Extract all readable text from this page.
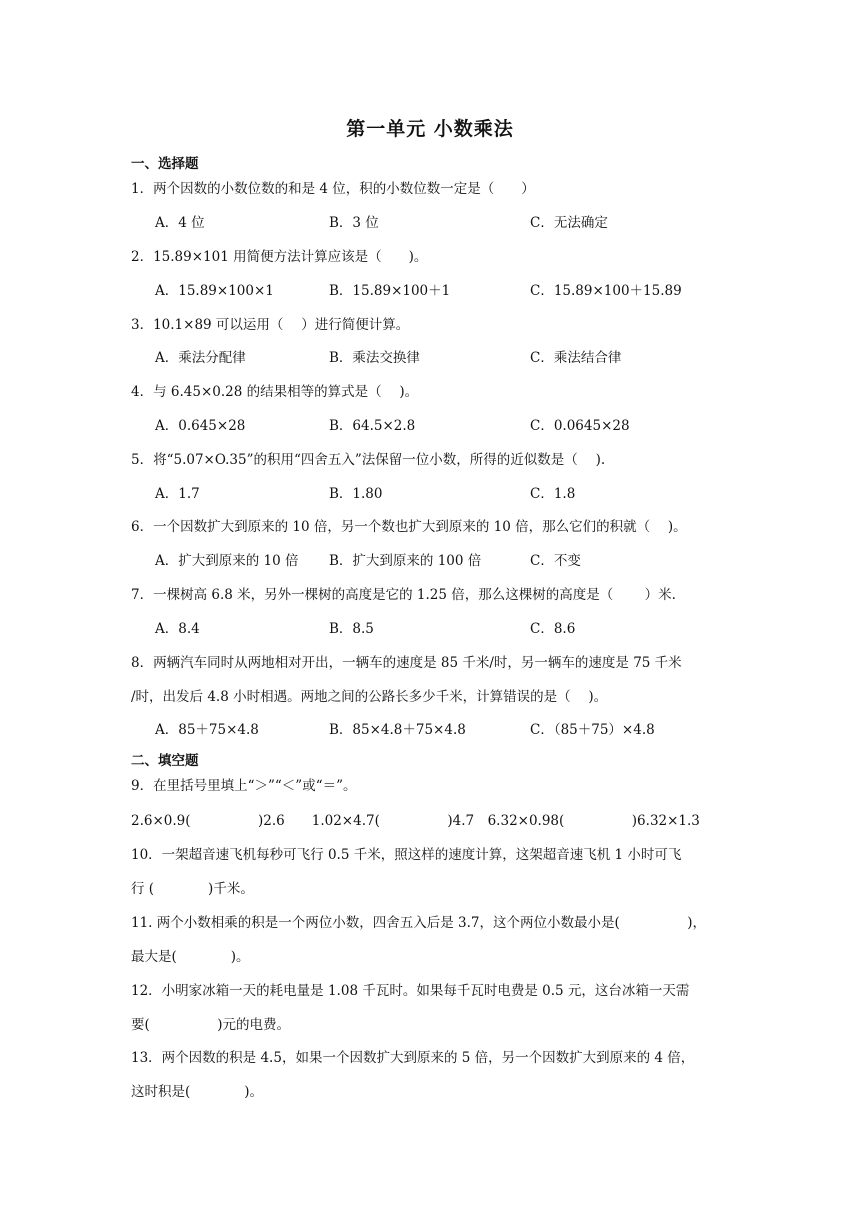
第一单元 小数乘法
一、选择题
1．两个因数的小数位数的和是 4 位，积的小数位数一定是（　　）
A．4 位	B．3 位	C．无法确定
2．15.89×101 用简便方法计算应该是（　　)。
A．15.89×100×1	B．15.89×100＋1	C．15.89×100＋15.89
3．10.1×89 可以运用（　 ）进行简便计算。
A．乘法分配律	B．乘法交换律	C．乘法结合律
4．与 6.45×0.28 的结果相等的算式是（　 )。
A．0.645×28	B．64.5×2.8	C．0.0645×28
5．将“5.07×O.35”的积用“四舍五入”法保留一位小数，所得的近似数是（　 ).
A．1.7	B．1.80	C．1.8
6．一个因数扩大到原来的 10 倍，另一个数也扩大到原来的 10 倍，那么它们的积就（　 )。
A．扩大到原来的 10 倍 B．扩大到原来的 100 倍	C．不变
7．一棵树高 6.8 米，另外一棵树的高度是它的 1.25 倍，那么这棵树的高度是（　　 ）米.
A．8.4	B．8.5	C．8.6
8．两辆汽车同时从两地相对开出，一辆车的速度是 85 千米/时，另一辆车的速度是 75 千米
/时，出发后 4.8 小时相遇。两地之间的公路长多少千米，计算错误的是（　 )。
A．85＋75×4.8	B．85×4.8＋75×4.8	C．（85＋75）×4.8
二、填空题
9．在里括号里填上“＞”“＜”或“＝”。
2.6×0.9(　　　　　)2.6　　1.02×4.7(　　　　　)4.7　6.32×0.98(　　　　　)6.32×1.3
10．一架超音速飞机每秒可飞行 0.5 千米，照这样的速度计算，这架超音速飞机 1 小时可飞
行 (　　　　)千米。
11. 两个小数相乘的积是一个两位小数，四舍五入后是 3.7，这个两位小数最小是(　　　　　)，
最大是(　　　　)。
12．小明家冰箱一天的耗电量是 1.08 千瓦时。如果每千瓦时电费是 0.5 元，这台冰箱一天需
要(　　　　　)元的电费。
13．两个因数的积是 4.5，如果一个因数扩大到原来的 5 倍，另一个因数扩大到原来的 4 倍，
这时积是(　　　　)。
